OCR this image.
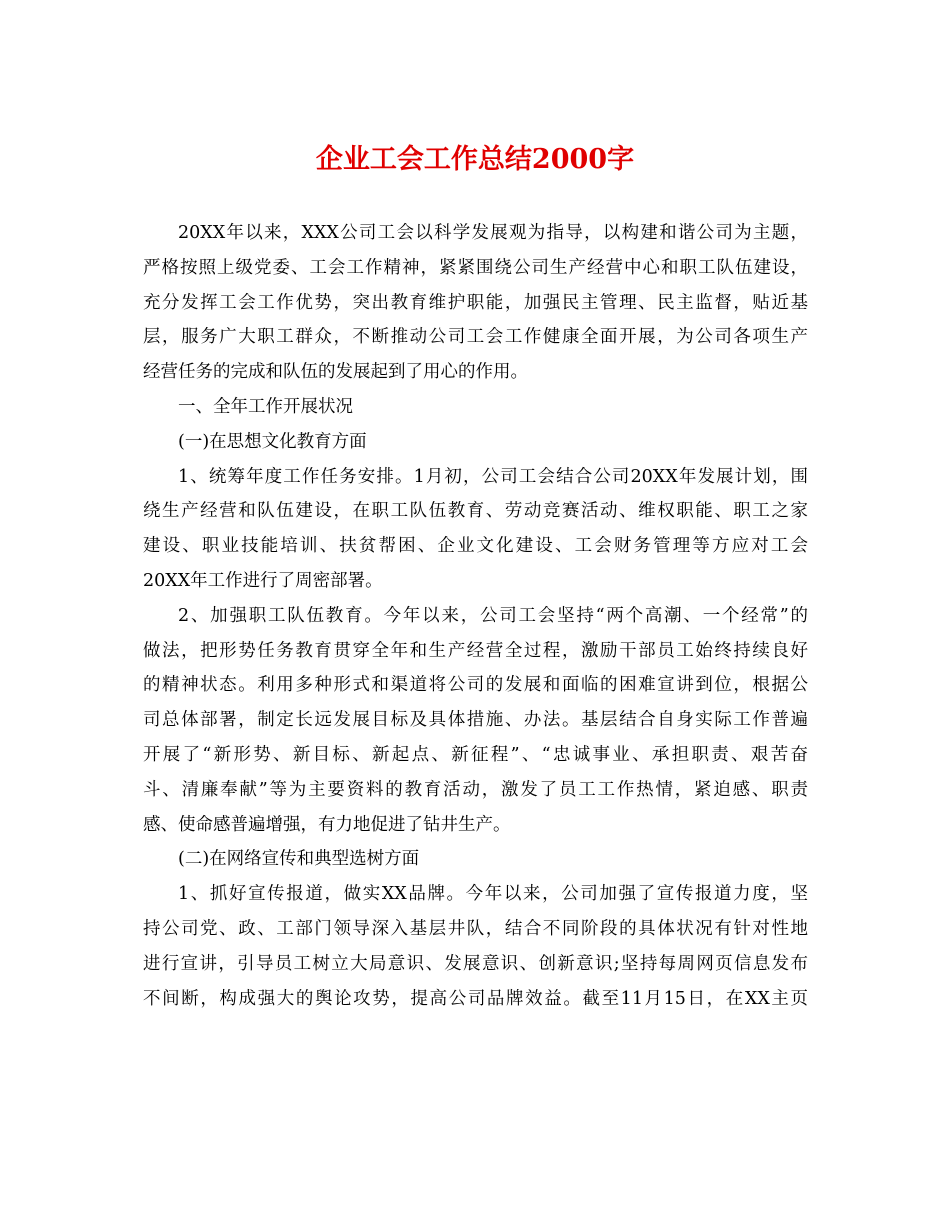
企业工会工作总结2000字
20XX年以来，XXX公司工会以科学发展观为指导，以构建和谐公司为主题，
严格按照上级党委、工会工作精神，紧紧围绕公司生产经营中心和职工队伍建设，
充分发挥工会工作优势，突出教育维护职能，加强民主管理、民主监督，贴近基
层，服务广大职工群众，不断推动公司工会工作健康全面开展，为公司各项生产
经营任务的完成和队伍的发展起到了用心的作用。
一、全年工作开展状况
(一)在思想文化教育方面
1、统筹年度工作任务安排。1月初，公司工会结合公司20XX年发展计划，围
绕生产经营和队伍建设，在职工队伍教育、劳动竞赛活动、维权职能、职工之家
建设、职业技能培训、扶贫帮困、企业文化建设、工会财务管理等方应对工会
20XX年工作进行了周密部署。
2、加强职工队伍教育。今年以来，公司工会坚持“两个高潮、一个经常”的
做法，把形势任务教育贯穿全年和生产经营全过程，激励干部员工始终持续良好
的精神状态。利用多种形式和渠道将公司的发展和面临的困难宣讲到位，根据公
司总体部署，制定长远发展目标及具体措施、办法。基层结合自身实际工作普遍
开展了“新形势、新目标、新起点、新征程”、“忠诚事业、承担职责、艰苦奋
斗、清廉奉献”等为主要资料的教育活动，激发了员工工作热情，紧迫感、职责
感、使命感普遍增强，有力地促进了钻井生产。
(二)在网络宣传和典型选树方面
1、抓好宣传报道，做实XX品牌。今年以来，公司加强了宣传报道力度，坚
持公司党、政、工部门领导深入基层井队，结合不同阶段的具体状况有针对性地
进行宣讲，引导员工树立大局意识、发展意识、创新意识;坚持每周网页信息发布
不间断，构成强大的舆论攻势，提高公司品牌效益。截至11月15日，在XX主页
